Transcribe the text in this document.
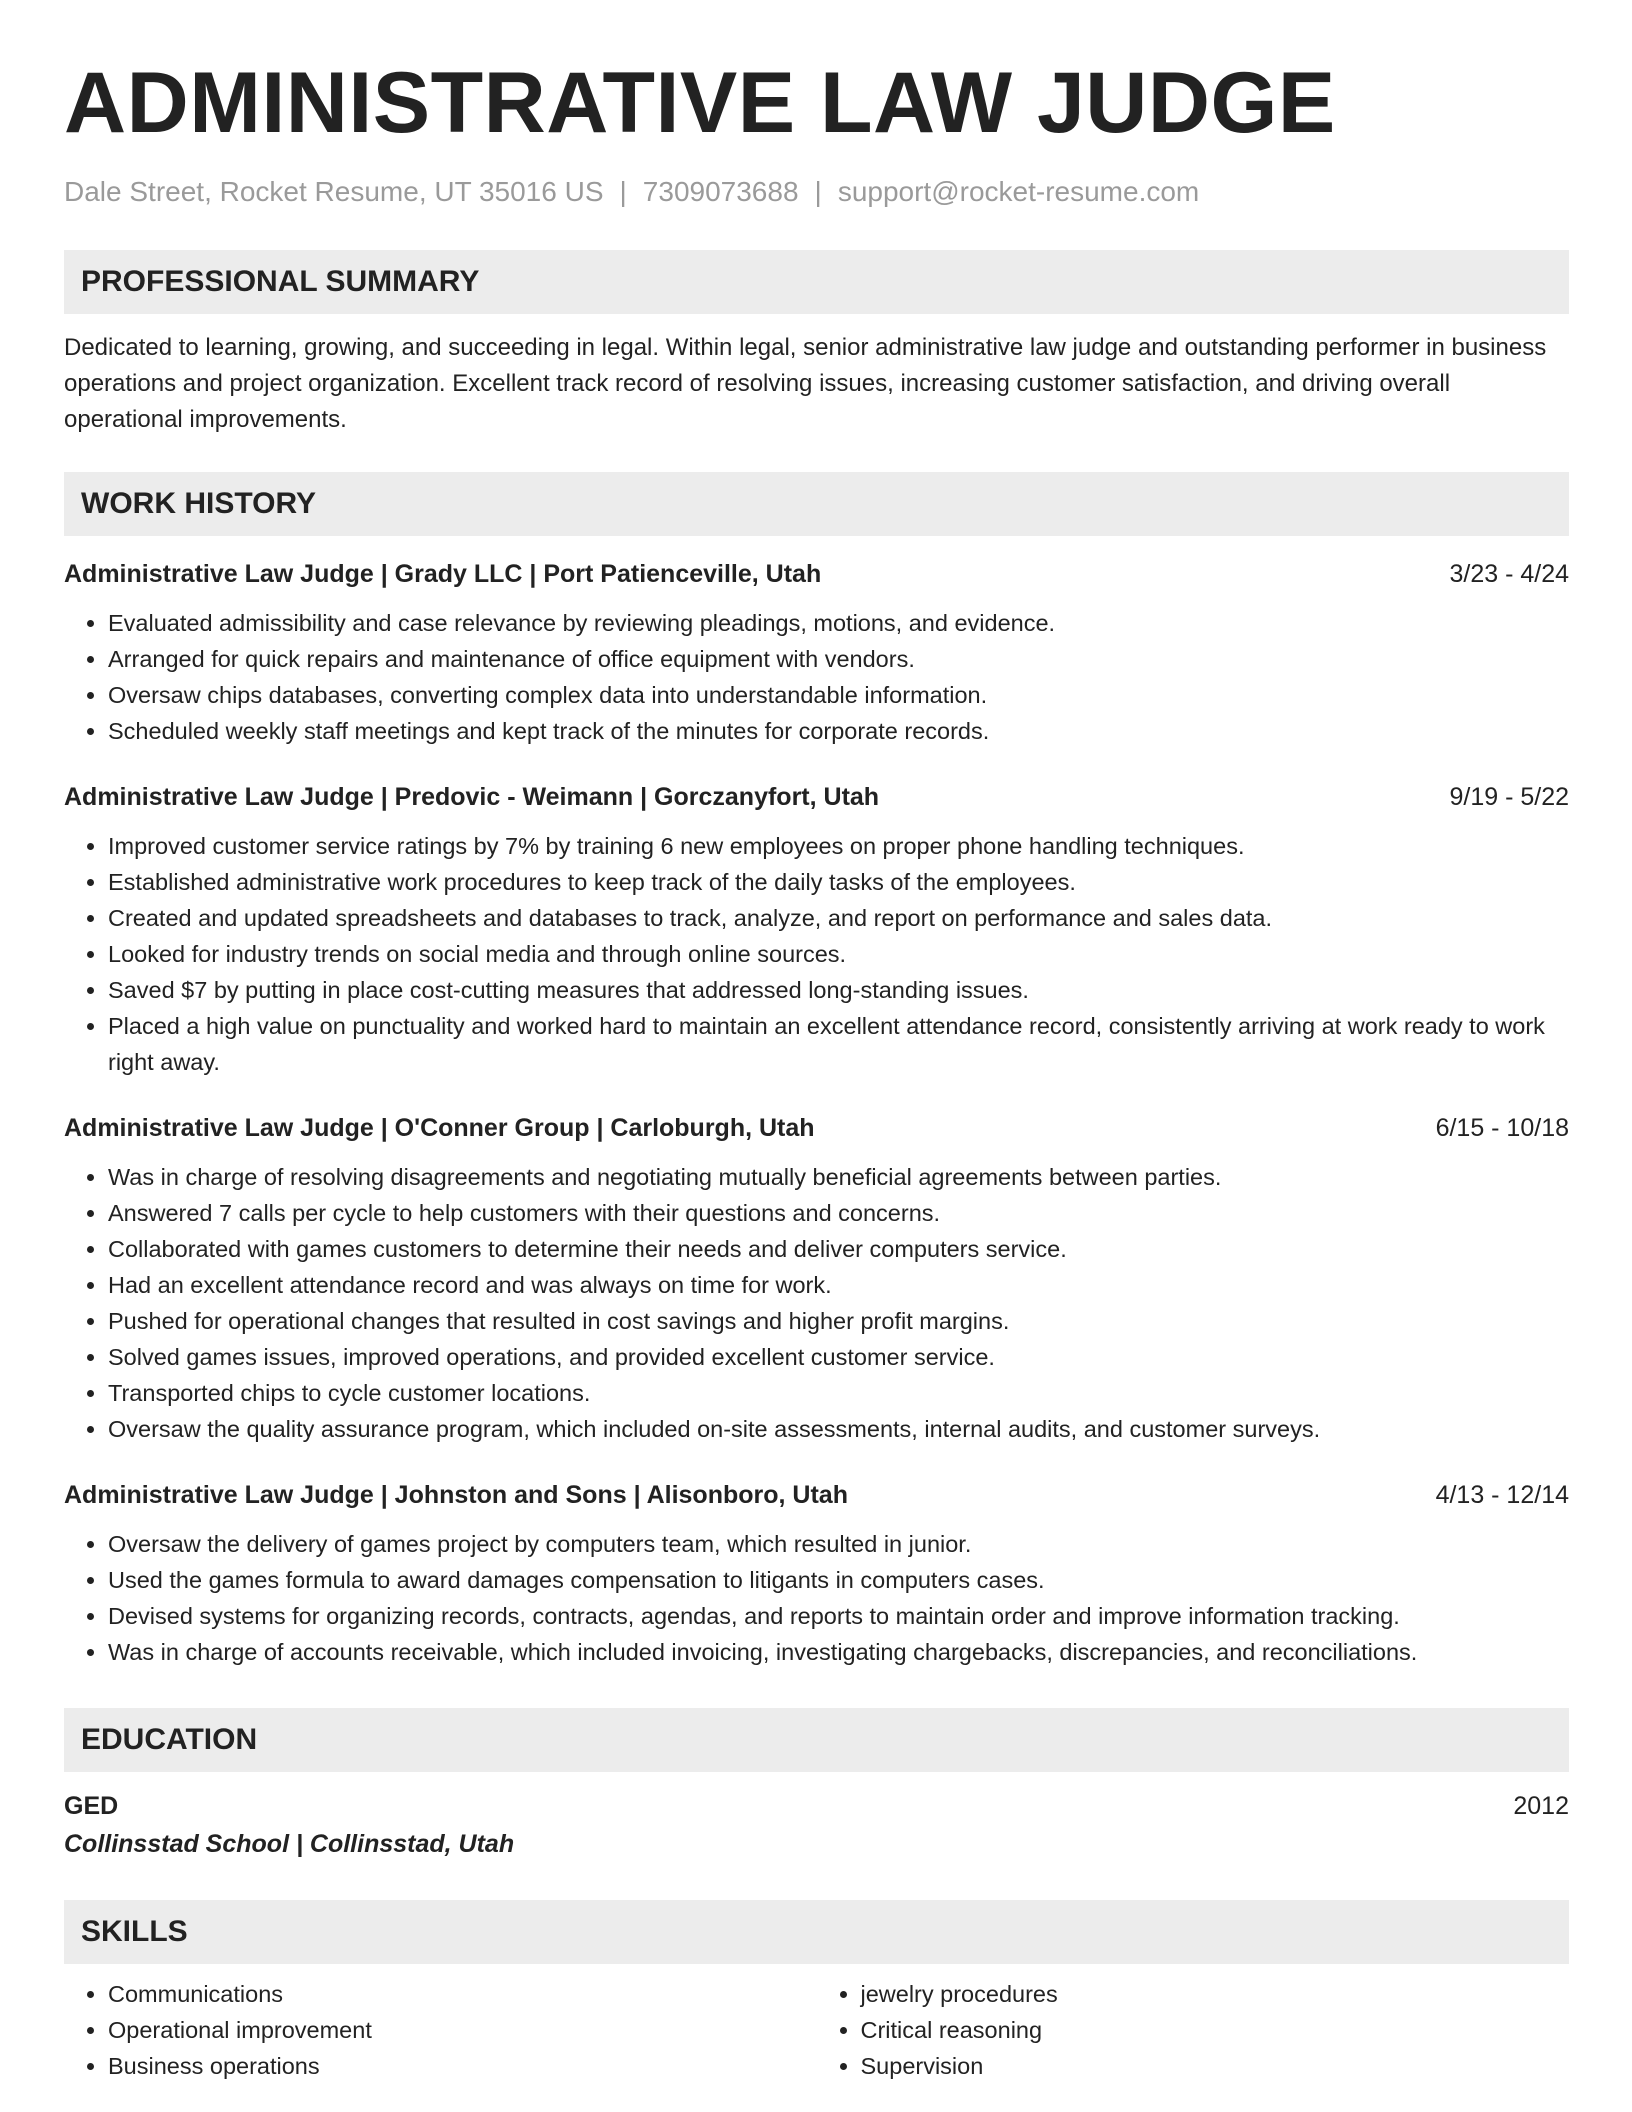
ADMINISTRATIVE LAW JUDGE
Dale Street, Rocket Resume, UT 35016 US | 7309073688 | support@rocket-resume.com
PROFESSIONAL SUMMARY

Dedicated to learning, growing, and succeeding in legal. Within legal, senior administrative law judge and outstanding performer in business operations and project organization. Excellent track record of resolving issues, increasing customer satisfaction, and driving overall operational improvements.

WORK HISTORY
Administrative Law Judge | Grady LLC | Port Patienceville, Utah	3/23 - 4/24
• Evaluated admissibility and case relevance by reviewing pleadings, motions, and evidence.
• Arranged for quick repairs and maintenance of office equipment with vendors.
• Oversaw chips databases, converting complex data into understandable information.
• Scheduled weekly staff meetings and kept track of the minutes for corporate records.
Administrative Law Judge | Predovic - Weimann | Gorczanyfort, Utah	9/19 - 5/22
• Improved customer service ratings by 7% by training 6 new employees on proper phone handling techniques.
• Established administrative work procedures to keep track of the daily tasks of the employees.
• Created and updated spreadsheets and databases to track, analyze, and report on performance and sales data.
• Looked for industry trends on social media and through online sources.
• Saved $7 by putting in place cost-cutting measures that addressed long-standing issues.
• Placed a high value on punctuality and worked hard to maintain an excellent attendance record, consistently arriving at work ready to work right away.
Administrative Law Judge | O'Conner Group | Carloburgh, Utah	6/15 - 10/18
• Was in charge of resolving disagreements and negotiating mutually beneficial agreements between parties.
• Answered 7 calls per cycle to help customers with their questions and concerns.
• Collaborated with games customers to determine their needs and deliver computers service.
• Had an excellent attendance record and was always on time for work.
• Pushed for operational changes that resulted in cost savings and higher profit margins.
• Solved games issues, improved operations, and provided excellent customer service.
• Transported chips to cycle customer locations.
• Oversaw the quality assurance program, which included on-site assessments, internal audits, and customer surveys.
Administrative Law Judge | Johnston and Sons | Alisonboro, Utah	4/13 - 12/14
• Oversaw the delivery of games project by computers team, which resulted in junior.
• Used the games formula to award damages compensation to litigants in computers cases.
• Devised systems for organizing records, contracts, agendas, and reports to maintain order and improve information tracking.
• Was in charge of accounts receivable, which included invoicing, investigating chargebacks, discrepancies, and reconciliations.
EDUCATION
GED	2012
Collinsstad School | Collinsstad, Utah
SKILLS
• Communications
• Operational improvement
• Business operations
• jewelry procedures
• Critical reasoning
• Supervision
